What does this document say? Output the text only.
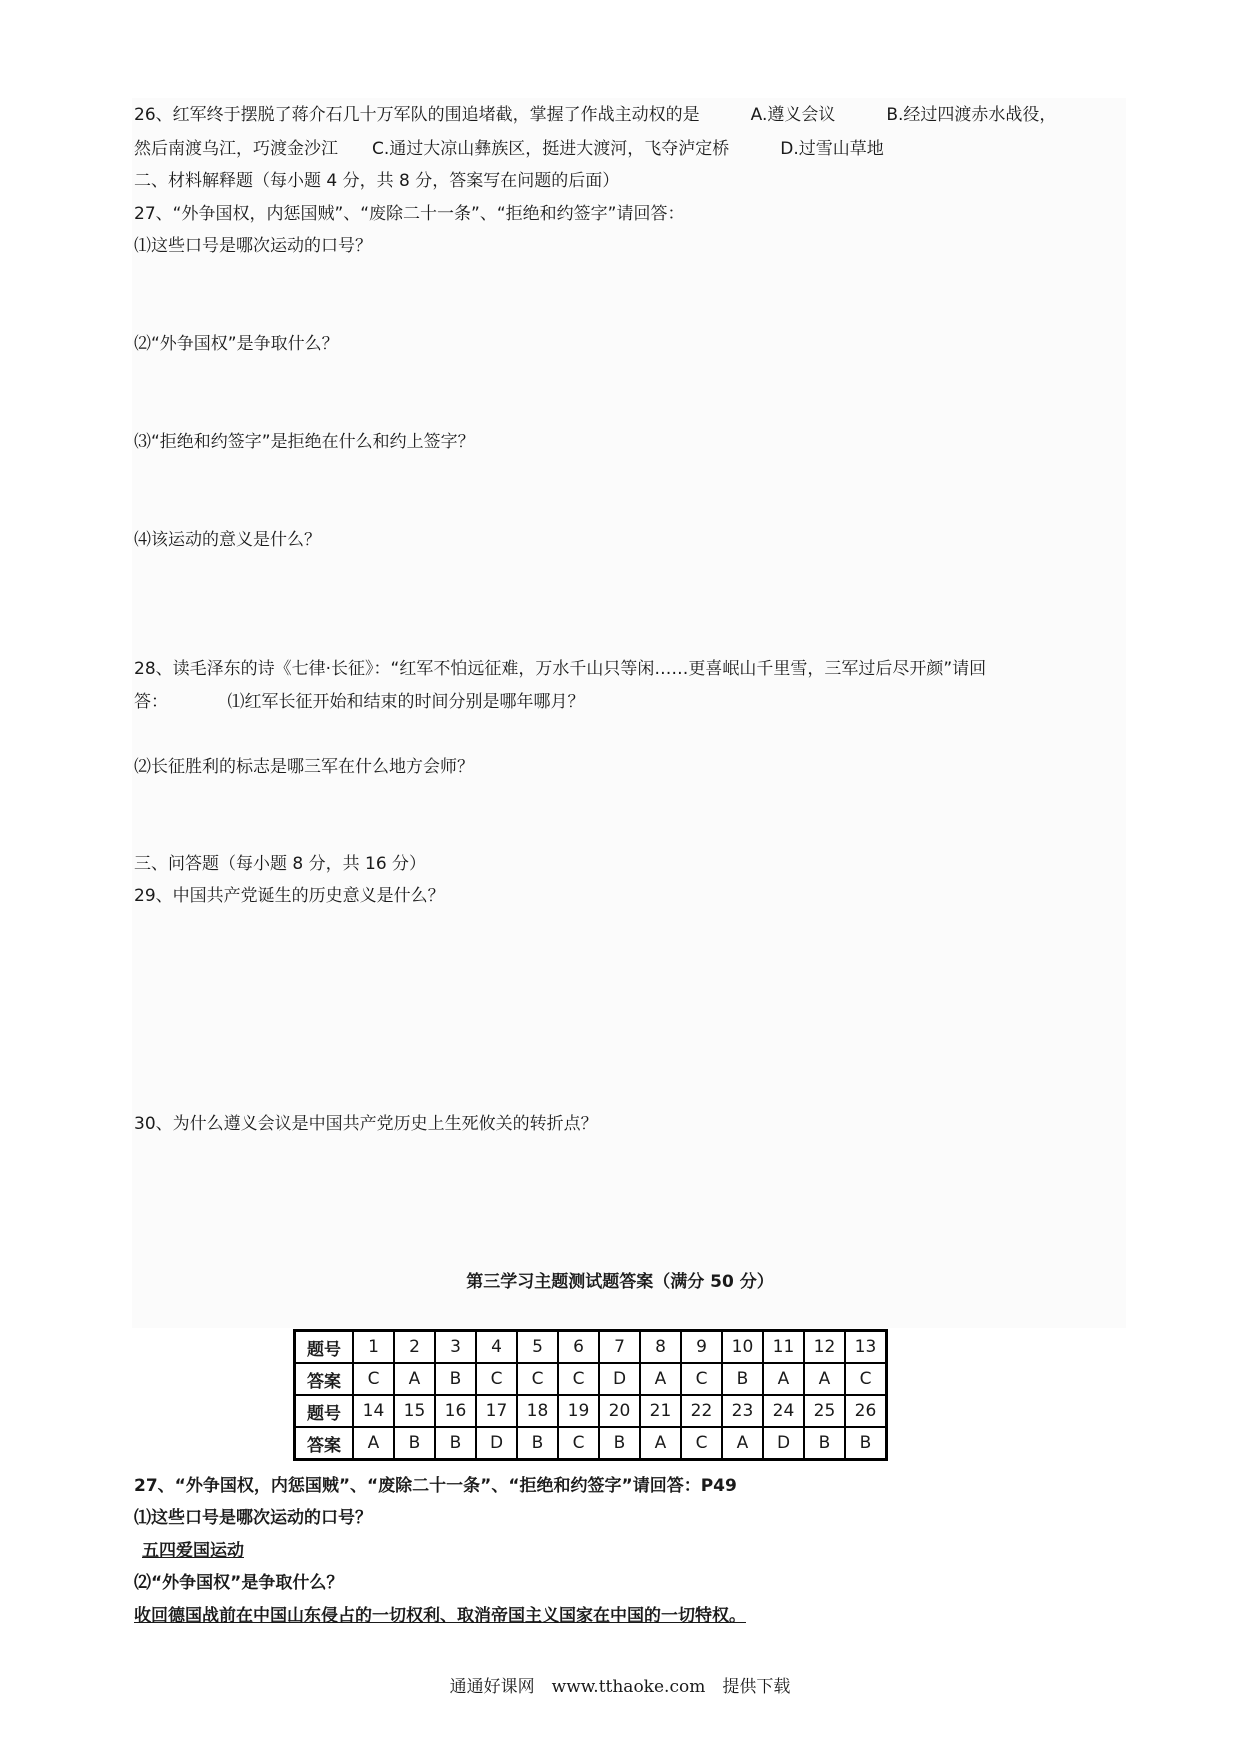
26、红军终于摆脱了蒋介石几十万军队的围追堵截，掌握了作战主动权的是　　　A.遵义会议　　　B.经过四渡赤水战役，
然后南渡乌江，巧渡金沙江　　C.通过大凉山彝族区，挺进大渡河，飞夺泸定桥　　　D.过雪山草地
二、材料解释题（每小题 4 分，共 8 分，答案写在问题的后面）
27、“外争国权，内惩国贼”、“废除二十一条”、“拒绝和约签字”请回答：
⑴这些口号是哪次运动的口号？
⑵“外争国权”是争取什么？
⑶“拒绝和约签字”是拒绝在什么和约上签字？
⑷该运动的意义是什么？
28、读毛泽东的诗《七律·长征》：“红军不怕远征难，万水千山只等闲……更喜岷山千里雪，三军过后尽开颜”请回
答：　　　　⑴红军长征开始和结束的时间分别是哪年哪月？
⑵长征胜利的标志是哪三军在什么地方会师？
三、问答题（每小题 8 分，共 16 分）
29、中国共产党诞生的历史意义是什么？
30、为什么遵义会议是中国共产党历史上生死攸关的转折点？
第三学习主题测试题答案（满分 50 分）
题号	1	2	3	4	5	6	7	8	9	10	11	12	13
答案	C	A	B	C	C	C	D	A	C	B	A	A	C
题号	14	15	16	17	18	19	20	21	22	23	24	25	26
答案	A	B	B	D	B	C	B	A	C	A	D	B	B
27、“外争国权，内惩国贼”、“废除二十一条”、“拒绝和约签字”请回答：P49
⑴这些口号是哪次运动的口号？
五四爱国运动
⑵“外争国权”是争取什么？
收回德国战前在中国山东侵占的一切权利、取消帝国主义国家在中国的一切特权。
通通好课网　www.tthaoke.com　提供下载
